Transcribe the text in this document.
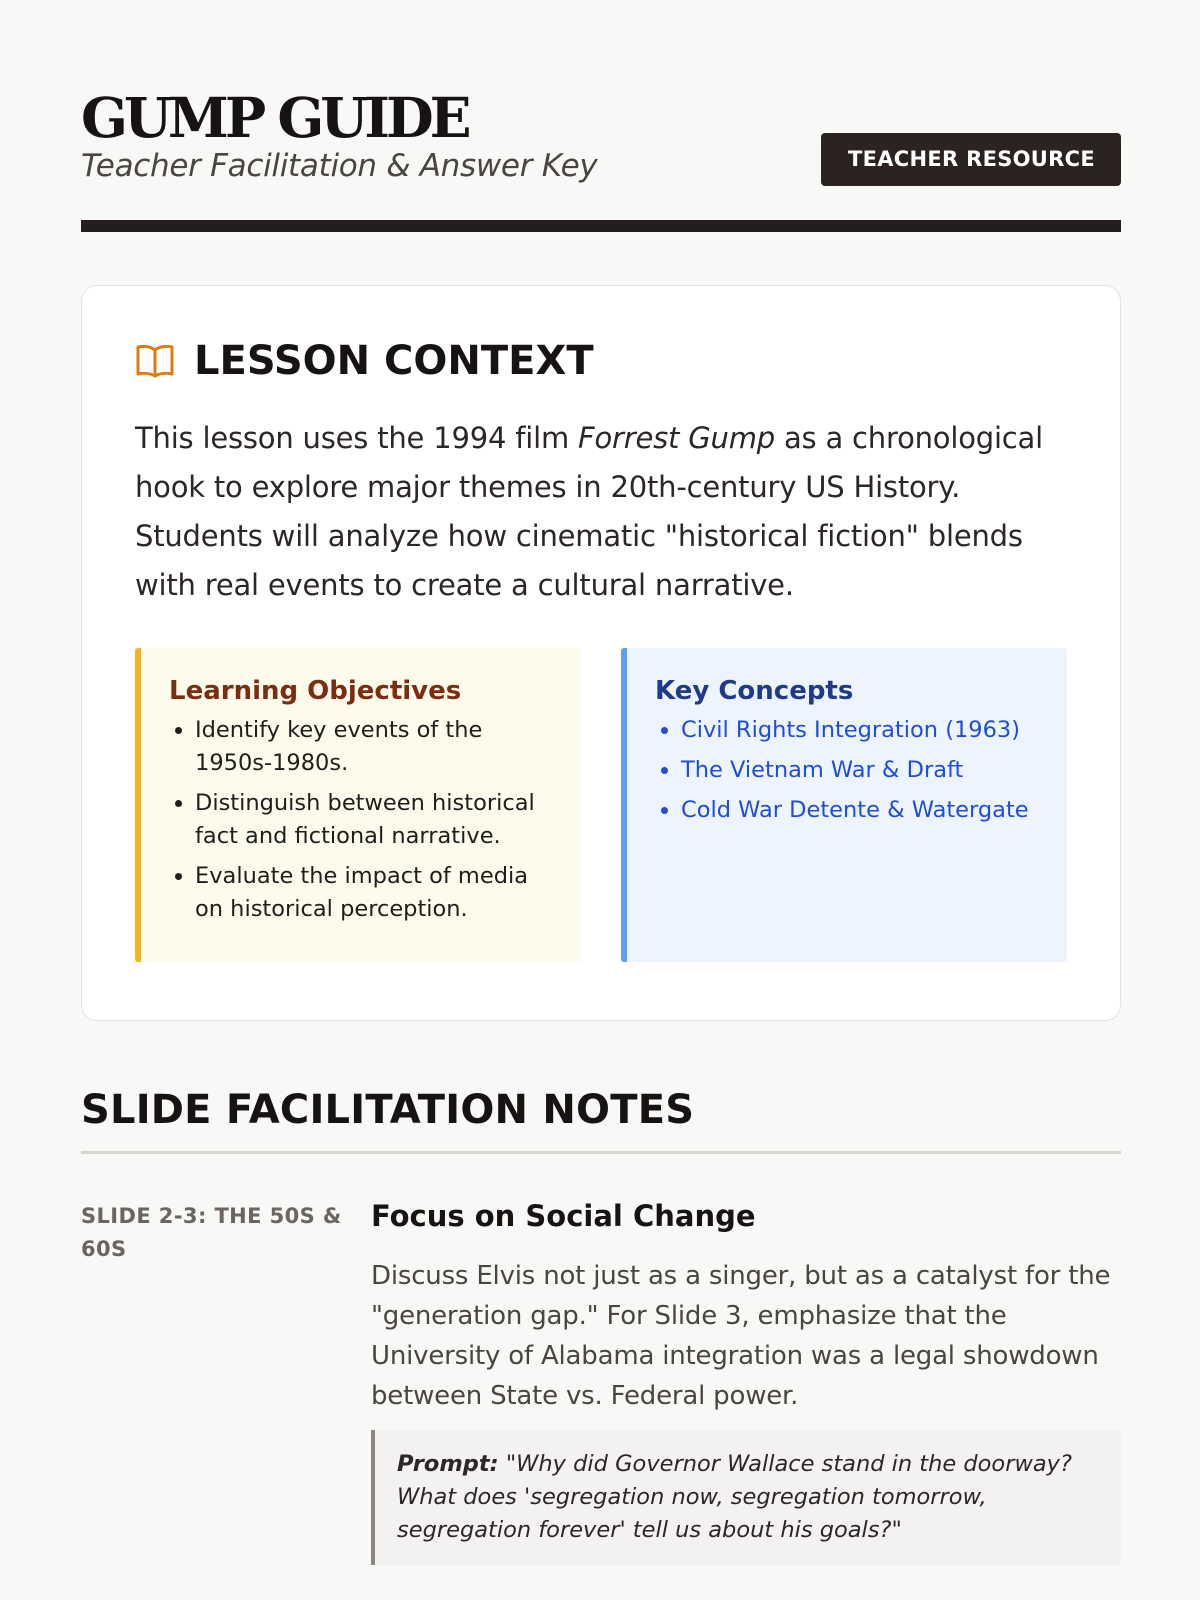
GUMP GUIDE
Teacher Facilitation & Answer Key	TEACHER RESOURCE
LESSON CONTEXT

This lesson uses the 1994 film Forrest Gump as a chronological hook to explore major themes in 20th-century US History. Students will analyze how cinematic "historical fiction" blends with real events to create a cultural narrative.

Learning Objectives
• Identify key events of the 1950s-1980s.
• Distinguish between historical fact and fictional narrative.
• Evaluate the impact of media on historical perception.
Key Concepts
• Civil Rights Integration (1963)
• The Vietnam War & Draft
• Cold War Detente & Watergate
SLIDE FACILITATION NOTES
SLIDE 2-3: THE 50S & 60S
Focus on Social Change

Discuss Elvis not just as a singer, but as a catalyst for the "generation gap." For Slide 3, emphasize that the University of Alabama integration was a legal showdown between State vs. Federal power.

Prompt: "Why did Governor Wallace stand in the doorway? What does 'segregation now, segregation tomorrow, segregation forever' tell us about his goals?"
